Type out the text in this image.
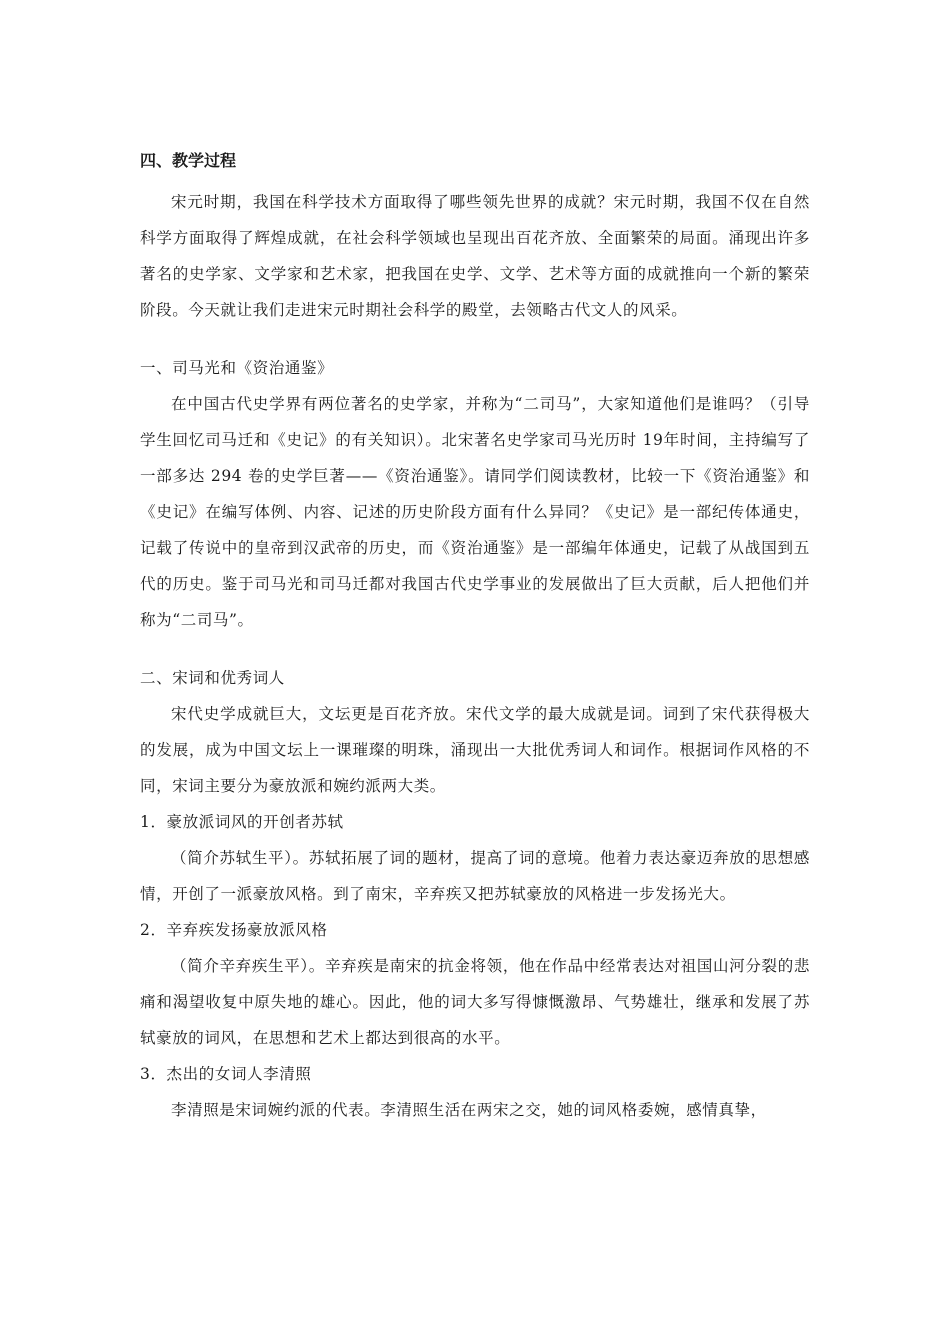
四、教学过程

宋元时期，我国在科学技术方面取得了哪些领先世界的成就？宋元时期，我国不仅在自然科学方面取得了辉煌成就，在社会科学领域也呈现出百花齐放、全面繁荣的局面。涌现出许多著名的史学家、文学家和艺术家，把我国在史学、文学、艺术等方面的成就推向一个新的繁荣阶段。今天就让我们走进宋元时期社会科学的殿堂，去领略古代文人的风采。

一、司马光和《资治通鉴》

在中国古代史学界有两位著名的史学家，并称为“二司马”，大家知道他们是谁吗？（引导学生回忆司马迁和《史记》的有关知识）。北宋著名史学家司马光历时 19年时间，主持编写了一部多达 294 卷的史学巨著——《资治通鉴》。请同学们阅读教材，比较一下《资治通鉴》和《史记》在编写体例、内容、记述的历史阶段方面有什么异同？《史记》是一部纪传体通史，记载了传说中的皇帝到汉武帝的历史，而《资治通鉴》是一部编年体通史，记载了从战国到五代的历史。鉴于司马光和司马迁都对我国古代史学事业的发展做出了巨大贡献，后人把他们并称为“二司马”。

二、宋词和优秀词人

宋代史学成就巨大，文坛更是百花齐放。宋代文学的最大成就是词。词到了宋代获得极大的发展，成为中国文坛上一课璀璨的明珠，涌现出一大批优秀词人和词作。根据词作风格的不同，宋词主要分为豪放派和婉约派两大类。

1．豪放派词风的开创者苏轼

（简介苏轼生平）。苏轼拓展了词的题材，提高了词的意境。他着力表达豪迈奔放的思想感情，开创了一派豪放风格。到了南宋，辛弃疾又把苏轼豪放的风格进一步发扬光大。

2．辛弃疾发扬豪放派风格

（简介辛弃疾生平）。辛弃疾是南宋的抗金将领，他在作品中经常表达对祖国山河分裂的悲痛和渴望收复中原失地的雄心。因此，他的词大多写得慷慨激昂、气势雄壮，继承和发展了苏轼豪放的词风，在思想和艺术上都达到很高的水平。

3．杰出的女词人李清照

李清照是宋词婉约派的代表。李清照生活在两宋之交，她的词风格委婉，感情真挚，
